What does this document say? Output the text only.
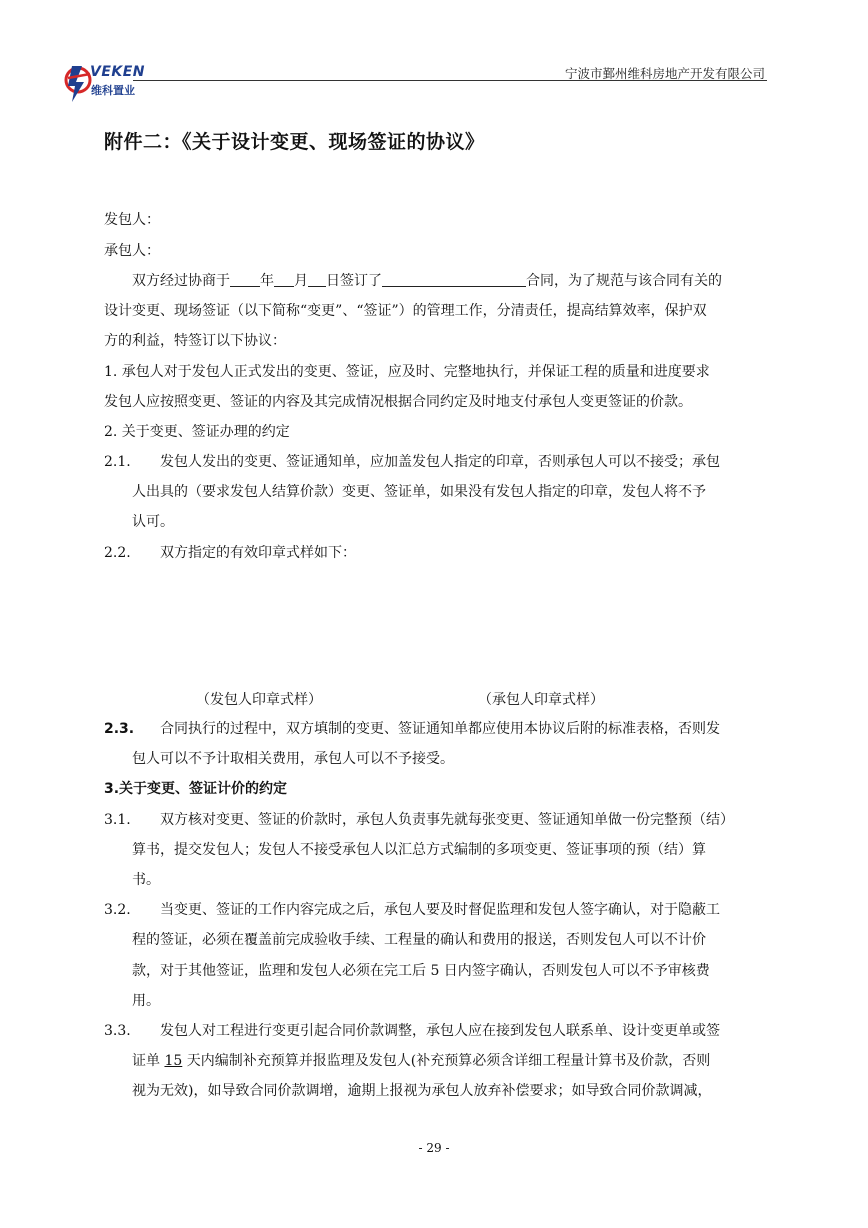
VEKEN
维科置业
宁波市鄞州维科房地产开发有限公司
附件二：《关于设计变更、现场签证的协议》
发包人：
承包人：
双方经过协商于 年 月 日签订了	合同，为了规范与该合同有关的
设计变更、现场签证（以下简称“变更”、“签证”）的管理工作，分清责任，提高结算效率，保护双
方的利益，特签订以下协议：
1. 承包人对于发包人正式发出的变更、签证，应及时、完整地执行，并保证工程的质量和进度要求
发包人应按照变更、签证的内容及其完成情况根据合同约定及时地支付承包人变更签证的价款。
2. 关于变更、签证办理的约定
2.1. 发包人发出的变更、签证通知单，应加盖发包人指定的印章，否则承包人可以不接受；承包
人出具的（要求发包人结算价款）变更、签证单，如果没有发包人指定的印章，发包人将不予
认可。
2.2. 双方指定的有效印章式样如下：
（发包人印章式样）	（承包人印章式样）
2.3. 合同执行的过程中，双方填制的变更、签证通知单都应使用本协议后附的标准表格，否则发
包人可以不予计取相关费用，承包人可以不予接受。
3.关于变更、签证计价的约定
3.1. 双方核对变更、签证的价款时，承包人负责事先就每张变更、签证通知单做一份完整预（结）
算书，提交发包人；发包人不接受承包人以汇总方式编制的多项变更、签证事项的预（结）算
书。
3.2. 当变更、签证的工作内容完成之后，承包人要及时督促监理和发包人签字确认，对于隐蔽工
程的签证，必须在覆盖前完成验收手续、工程量的确认和费用的报送，否则发包人可以不计价
款，对于其他签证，监理和发包人必须在完工后 5 日内签字确认，否则发包人可以不予审核费
用。
3.3. 发包人对工程进行变更引起合同价款调整，承包人应在接到发包人联系单、设计变更单或签
证单 15 天内编制补充预算并报监理及发包人(补充预算必须含详细工程量计算书及价款，否则
视为无效)，如导致合同价款调增，逾期上报视为承包人放弃补偿要求；如导致合同价款调减，
- 29 -
